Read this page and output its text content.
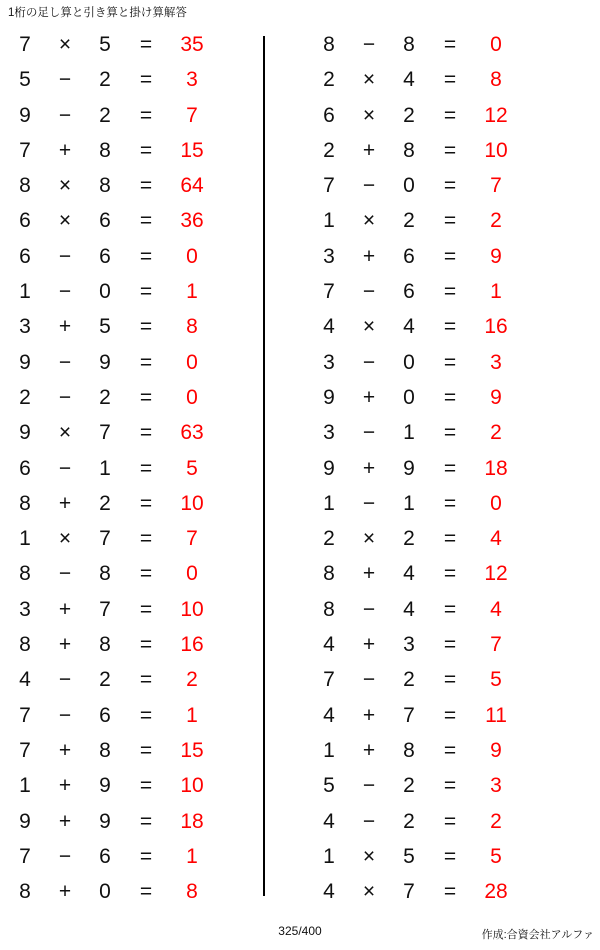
1桁の足し算と引き算と掛け算解答
7	×	5	=	35
5	−	2	=	3
9	−	2	=	7
7	+	8	=	15
8	×	8	=	64
6	×	6	=	36
6	−	6	=	0
1	−	0	=	1
3	+	5	=	8
9	−	9	=	0
2	−	2	=	0
9	×	7	=	63
6	−	1	=	5
8	+	2	=	10
1	×	7	=	7
8	−	8	=	0
3	+	7	=	10
8	+	8	=	16
4	−	2	=	2
7	−	6	=	1
7	+	8	=	15
1	+	9	=	10
9	+	9	=	18
7	−	6	=	1
8	+	0	=	8
8	−	8	=	0
2	×	4	=	8
6	×	2	=	12
2	+	8	=	10
7	−	0	=	7
1	×	2	=	2
3	+	6	=	9
7	−	6	=	1
4	×	4	=	16
3	−	0	=	3
9	+	0	=	9
3	−	1	=	2
9	+	9	=	18
1	−	1	=	0
2	×	2	=	4
8	+	4	=	12
8	−	4	=	4
4	+	3	=	7
7	−	2	=	5
4	+	7	=	11
1	+	8	=	9
5	−	2	=	3
4	−	2	=	2
1	×	5	=	5
4	×	7	=	28
325/400	作成:合資会社アルファ
